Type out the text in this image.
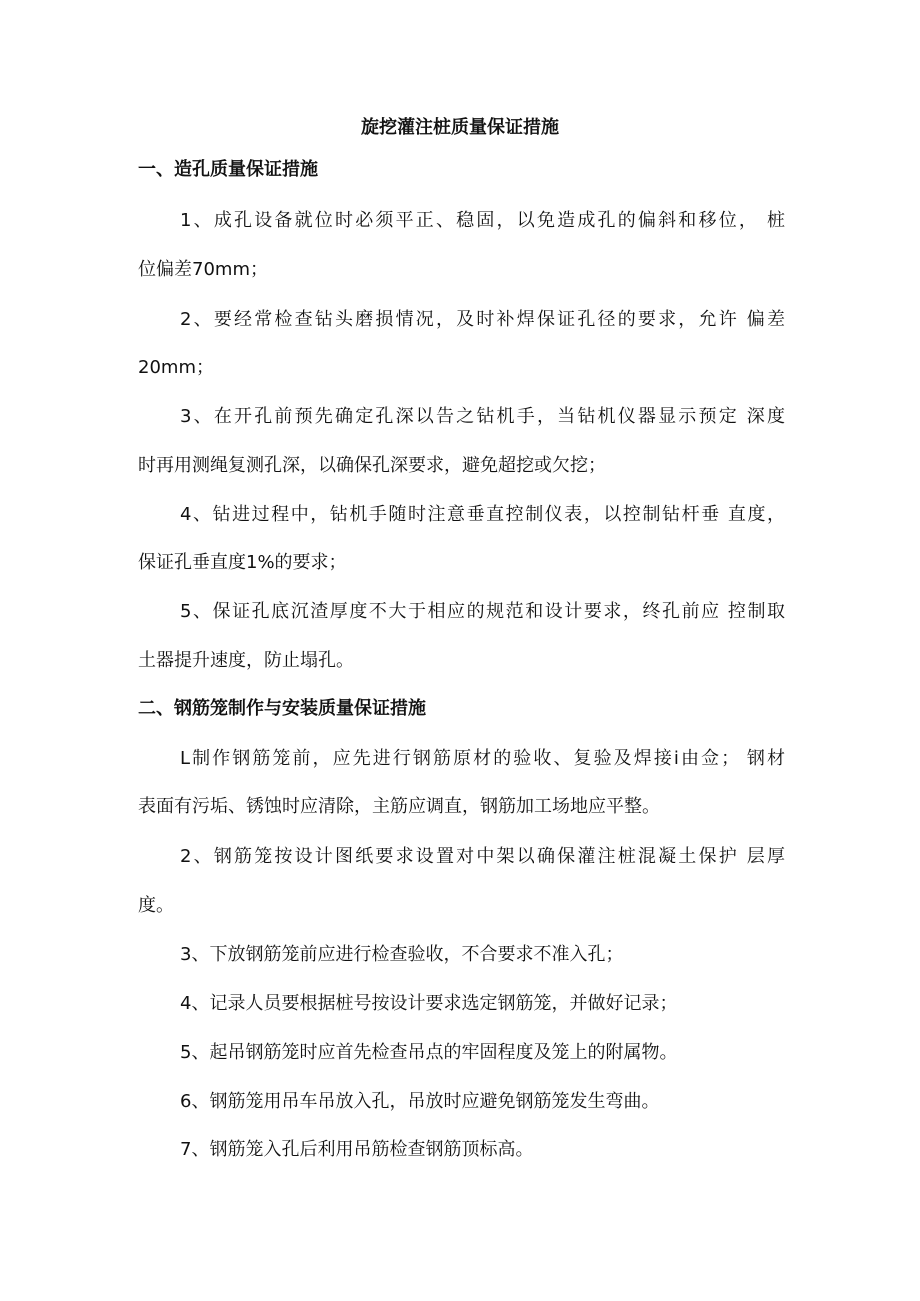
旋挖灌注桩质量保证措施
一、造孔质量保证措施
1、成孔设备就位时必须平正、稳固，以免造成孔的偏斜和移位， 桩
位偏差70mm；
2、要经常检查钻头磨损情况，及时补焊保证孔径的要求，允许 偏差
20mm；
3、在开孔前预先确定孔深以告之钻机手，当钻机仪器显示预定 深度
时再用测绳复测孔深，以确保孔深要求，避免超挖或欠挖；
4、钻进过程中，钻机手随时注意垂直控制仪表，以控制钻杆垂 直度，
保证孔垂直度1%的要求；
5、保证孔底沉渣厚度不大于相应的规范和设计要求，终孔前应 控制取
土器提升速度，防止塌孔。
二、钢筋笼制作与安装质量保证措施
L制作钢筋笼前，应先进行钢筋原材的验收、复验及焊接i由佥； 钢材
表面有污垢、锈蚀时应清除，主筋应调直，钢筋加工场地应平整。
2、钢筋笼按设计图纸要求设置对中架以确保灌注桩混凝土保护 层厚
度。
3、下放钢筋笼前应进行检查验收，不合要求不准入孔；
4、记录人员要根据桩号按设计要求选定钢筋笼，并做好记录；
5、起吊钢筋笼时应首先检查吊点的牢固程度及笼上的附属物。
6、钢筋笼用吊车吊放入孔，吊放时应避免钢筋笼发生弯曲。
7、钢筋笼入孔后利用吊筋检查钢筋顶标高。
